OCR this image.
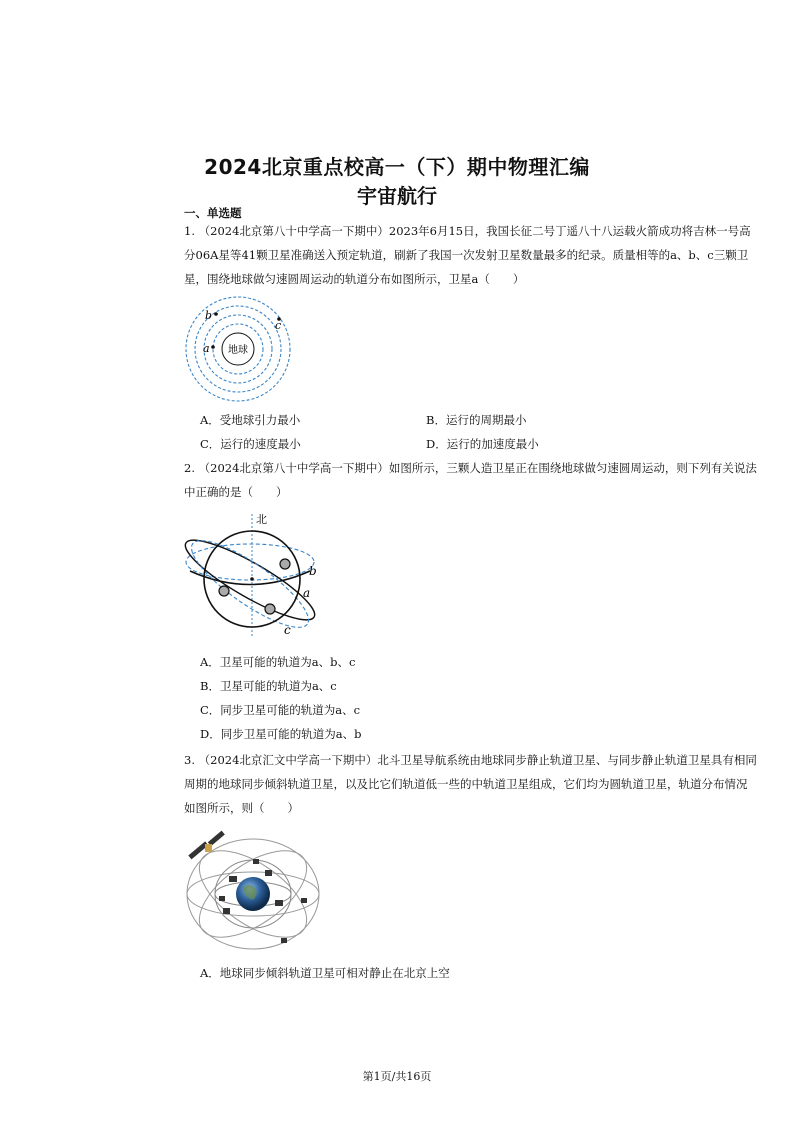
2024北京重点校高一（下）期中物理汇编
宇宙航行
一、单选题
1. （2024北京第八十中学高一下期中）2023年6月15日，我国长征二号丁遥八十八运载火箭成功将吉林一号高分06A星等41颗卫星准确送入预定轨道，刷新了我国一次发射卫星数量最多的纪录。质量相等的a、b、c三颗卫星，围绕地球做匀速圆周运动的轨道分布如图所示，卫星a（　　）
地球
a
b
c
A．受地球引力最小	B．运行的周期最小
C．运行的速度最小	D．运行的加速度最小
2. （2024北京第八十中学高一下期中）如图所示，三颗人造卫星正在围绕地球做匀速圆周运动，则下列有关说法中正确的是（　　）
北
b
a
c
A．卫星可能的轨道为a、b、c
B．卫星可能的轨道为a、c
C．同步卫星可能的轨道为a、c
D．同步卫星可能的轨道为a、b
3. （2024北京汇文中学高一下期中）北斗卫星导航系统由地球同步静止轨道卫星、与同步静止轨道卫星具有相同周期的地球同步倾斜轨道卫星，以及比它们轨道低一些的中轨道卫星组成，它们均为圆轨道卫星，轨道分布情况如图所示，则（　　）
A．地球同步倾斜轨道卫星可相对静止在北京上空
第1页/共16页
